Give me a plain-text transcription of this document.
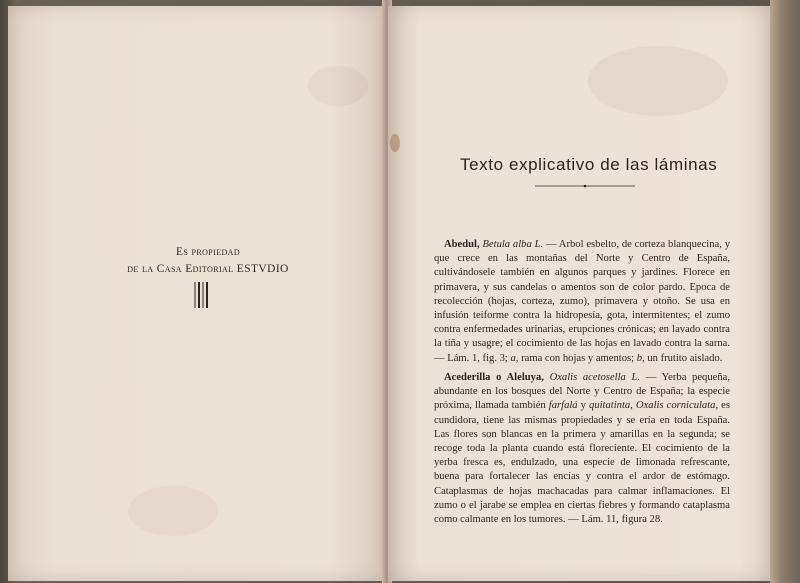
Es propiedad
de la Casa Editorial ESTVDIO
Texto explicativo de las láminas
Abedul, Betula alba L. — Arbol esbelto, de corteza blanquecina, y que crece en las montañas del Norte y Centro de España, cultivándosele también en algunos parques y jardines. Florece en primavera, y sus candelas o amentos son de color pardo. Epoca de recolección (hojas, corteza, zumo), primavera y otoño. Se usa en infusión teiforme contra la hidropesía, gota, intermitentes; el zumo contra enfermedades urinarias, erupciones crónicas; en lavado contra la tiña y usagre; el cocimiento de las hojas en lavado contra la sarna. — Lám. 1, fig. 3; a, rama con hojas y amentos; b, un frutito aislado.
Acederilla o Aleluya, Oxalis acetosella L. — Yerba pequeña, abundante en los bosques del Norte y Centro de España; la especie próxima, llamada también farfalá y quitatinta, Oxalis corniculata, es cundidora, tiene las mismas propiedades y se ería en toda España. Las flores son blancas en la primera y amarillas en la segunda; se recoge toda la planta cuando está floreciente. El cocimiento de la yerba fresca es, endulzado, una especie de limonada refrescante, buena para fortalecer las encías y contra el ardor de estómago. Cataplasmas de hojas machacadas para calmar inflamaciones. El zumo o el jarabe se emplea en ciertas fiebres y formando cataplasma como calmante en los tumores. — Lám. 11, figura 28.
